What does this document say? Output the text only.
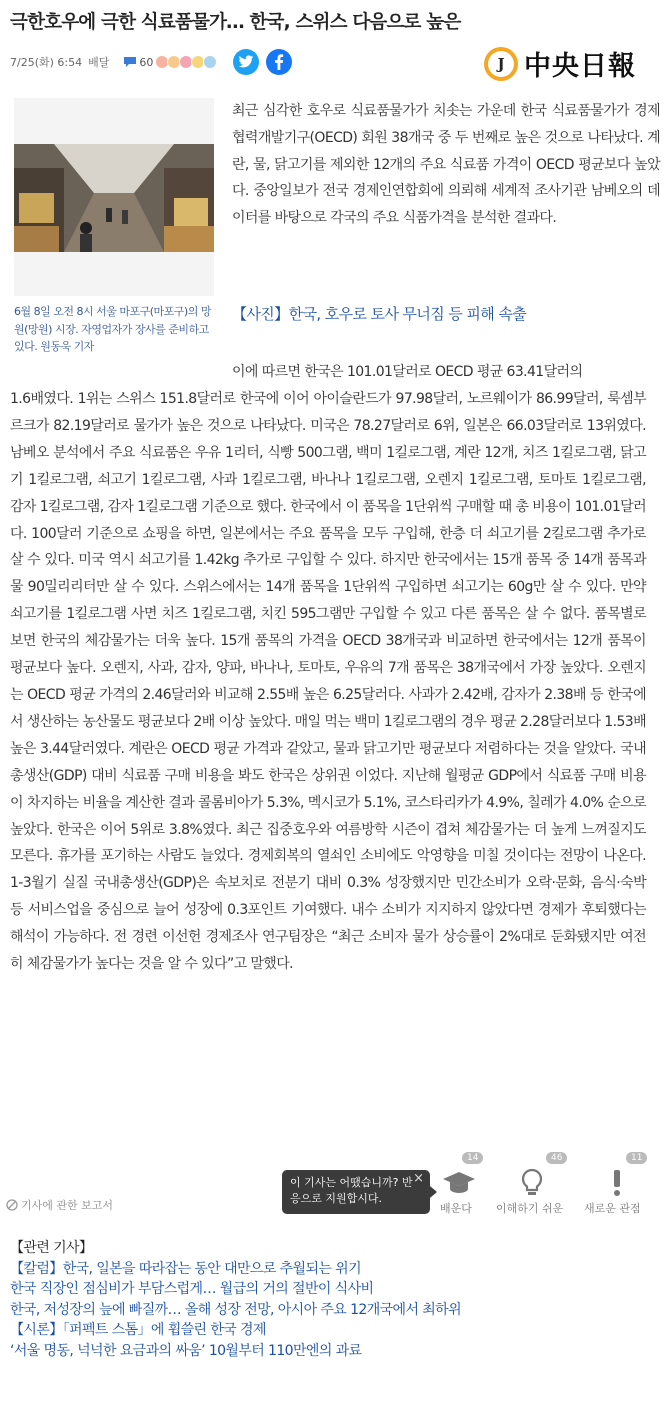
극한호우에 극한 식료품물가… 한국, 스위스 다음으로 높은
7/25(화) 6:54 배달	60	J 中央日報
6월 8일 오전 8시 서울 마포구(마포구)의 망원(망원) 시장. 자영업자가 장사를 준비하고 있다. 원동욱 기자
최근 심각한 호우로 식료품물가가 치솟는 가운데 한국 식료품물가가 경제협력개발기구(OECD) 회원 38개국 중 두 번째로 높은 것으로 나타났다. 계란, 물, 닭고기를 제외한 12개의 주요 식료품 가격이 OECD 평균보다 높았다. 중앙일보가 전국 경제인연합회에 의뢰해 세계적 조사기관 남베오의 데이터를 바탕으로 각국의 주요 식품가격을 분석한 결과다.
【사진】한국, 호우로 토사 무너짐 등 피해 속출
이에 따르면 한국은 101.01달러로 OECD 평균 63.41달러의
1.6배였다. 1위는 스위스 151.8달러로 한국에 이어 아이슬란드가 97.98달러, 노르웨이가 86.99달러, 룩셈부르크가 82.19달러로 물가가 높은 것으로 나타났다. 미국은 78.27달러로 6위, 일본은 66.03달러로 13위였다. 남베오 분석에서 주요 식료품은 우유 1리터, 식빵 500그램, 백미 1킬로그램, 계란 12개, 치즈 1킬로그램, 닭고기 1킬로그램, 쇠고기 1킬로그램, 사과 1킬로그램, 바나나 1킬로그램, 오렌지 1킬로그램, 토마토 1킬로그램, 감자 1킬로그램, 감자 1킬로그램 기준으로 했다. 한국에서 이 품목을 1단위씩 구매할 때 총 비용이 101.01달러다. 100달러 기준으로 쇼핑을 하면, 일본에서는 주요 품목을 모두 구입해, 한층 더 쇠고기를 2킬로그램 추가로 살 수 있다. 미국 역시 쇠고기를 1.42kg 추가로 구입할 수 있다. 하지만 한국에서는 15개 품목 중 14개 품목과 물 90밀리리터만 살 수 있다. 스위스에서는 14개 품목을 1단위씩 구입하면 쇠고기는 60g만 살 수 있다. 만약 쇠고기를 1킬로그램 사면 치즈 1킬로그램, 치킨 595그램만 구입할 수 있고 다른 품목은 살 수 없다. 품목별로 보면 한국의 체감물가는 더욱 높다. 15개 품목의 가격을 OECD 38개국과 비교하면 한국에서는 12개 품목이 평균보다 높다. 오렌지, 사과, 감자, 양파, 바나나, 토마토, 우유의 7개 품목은 38개국에서 가장 높았다. 오렌지는 OECD 평균 가격의 2.46달러와 비교해 2.55배 높은 6.25달러다. 사과가 2.42배, 감자가 2.38배 등 한국에서 생산하는 농산물도 평균보다 2배 이상 높았다. 매일 먹는 백미 1킬로그램의 경우 평균 2.28달러보다 1.53배 높은 3.44달러였다. 계란은 OECD 평균 가격과 같았고, 물과 닭고기만 평균보다 저렴하다는 것을 알았다. 국내총생산(GDP) 대비 식료품 구매 비용을 봐도 한국은 상위권 이었다. 지난해 월평균 GDP에서 식료품 구매 비용이 차지하는 비율을 계산한 결과 콜롬비아가 5.3%, 멕시코가 5.1%, 코스타리카가 4.9%, 칠레가 4.0% 순으로 높았다. 한국은 이어 5위로 3.8%였다. 최근 집중호우와 여름방학 시즌이 겹쳐 체감물가는 더 높게 느껴질지도 모른다. 휴가를 포기하는 사람도 늘었다. 경제회복의 열쇠인 소비에도 악영향을 미칠 것이다는 전망이 나온다. 1-3월기 실질 국내총생산(GDP)은 속보치로 전분기 대비 0.3% 성장했지만 민간소비가 오락·문화, 음식·숙박 등 서비스업을 중심으로 늘어 성장에 0.3포인트 기여했다. 내수 소비가 지지하지 않았다면 경제가 후퇴했다는 해석이 가능하다. 전 경련 이선헌 경제조사 연구팀장은 “최근 소비자 물가 상승률이 2%대로 둔화됐지만 여전히 체감물가가 높다는 것을 알 수 있다”고 말했다.
기사에 관한 보고서
이 기사는 어땠습니까? 반응으로 지원합시다.
×
14
배운다
46
이해하기 쉬운
11
새로운 관점
【관련 기사】
【칼럼】한국, 일본을 따라잡는 동안 대만으로 추월되는 위기
한국 직장인 점심비가 부담스럽게… 월급의 거의 절반이 식사비
한국, 저성장의 늪에 빠질까… 올해 성장 전망, 아시아 주요 12개국에서 최하위
【시론】「퍼펙트 스톰」에 휩쓸린 한국 경제
‘서울 명동, 넉넉한 요금과의 싸움’ 10월부터 110만엔의 과료
